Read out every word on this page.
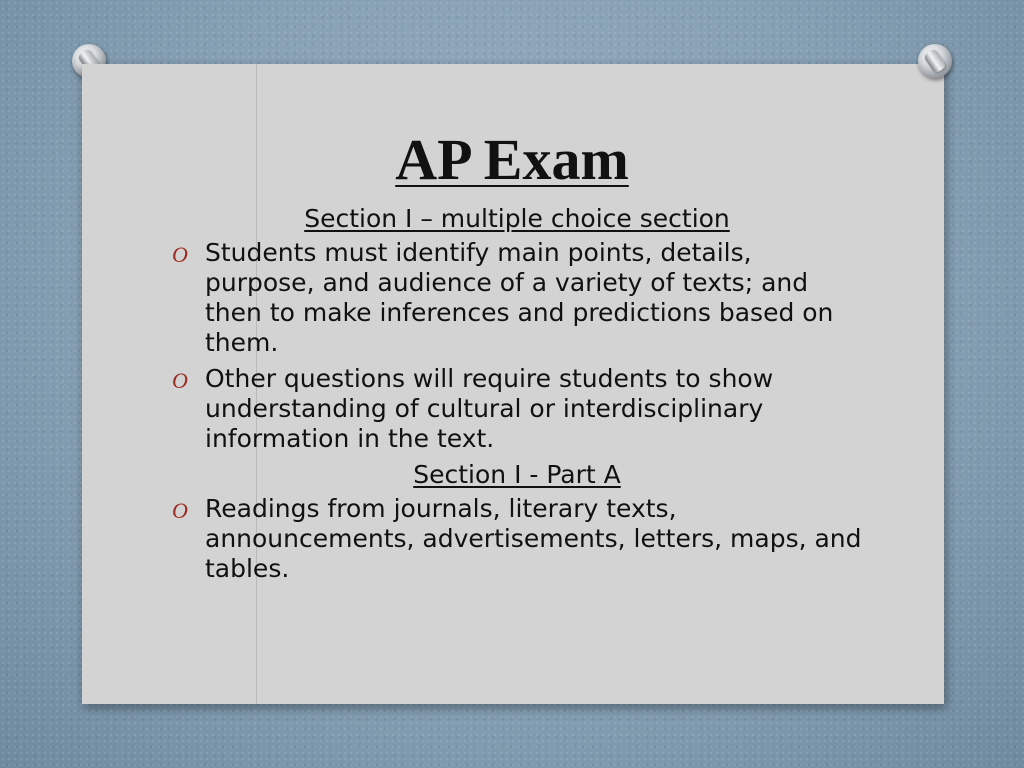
AP Exam

Section I – multiple choice section

O Students must identify main points, details, purpose, and audience of a variety of texts; and then to make inferences and predictions based on them.
O Other questions will require students to show understanding of cultural or interdisciplinary information in the text.

Section I - Part A

O Readings from journals, literary texts, announcements, advertisements, letters, maps, and tables.
